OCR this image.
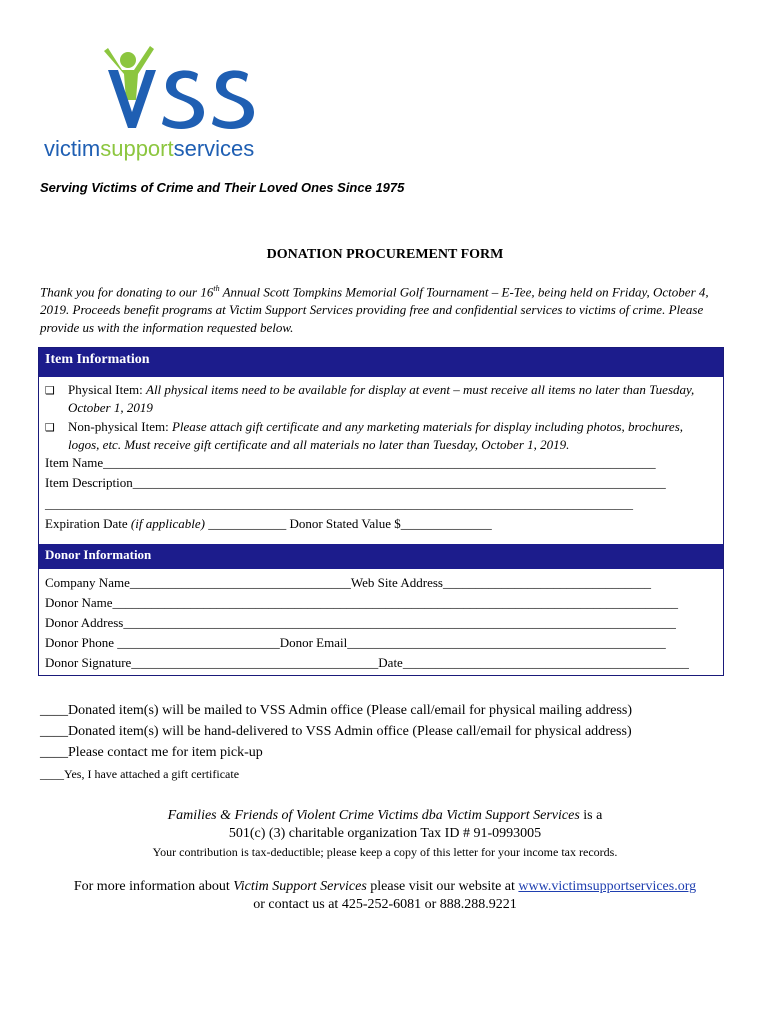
victimsupportservices
Serving Victims of Crime and Their Loved Ones Since 1975
DONATION PROCUREMENT FORM
Thank you for donating to our 16th Annual Scott Tompkins Memorial Golf Tournament – E-Tee, being held on Friday, October 4, 2019. Proceeds benefit programs at Victim Support Services providing free and confidential services to victims of crime. Please provide us with the information requested below.
Item Information
❑ Physical Item: All physical items need to be available for display at event – must receive all items no later than Tuesday, October 1, 2019
❑ Non-physical Item: Please attach gift certificate and any marketing materials for display including photos, brochures, logos, etc. Must receive gift certificate and all materials no later than Tuesday, October 1, 2019.
Item Name_____________________________________________________________________________________
Item Description__________________________________________________________________________________
__________________________________________________________________________________________________
Expiration Date (if applicable) ____________ Donor Stated Value $______________
Donor Information
Company Name__________________________________Web Site Address________________________________
Donor Name_______________________________________________________________________________________
Donor Address_____________________________________________________________________________________
Donor Phone _________________________Donor Email_________________________________________________
Donor Signature______________________________________Date____________________________________________
____Donated item(s) will be mailed to VSS Admin office (Please call/email for physical mailing address)
____Donated item(s) will be hand-delivered to VSS Admin office (Please call/email for physical address)
____Please contact me for item pick-up
____Yes, I have attached a gift certificate
Families & Friends of Violent Crime Victims dba Victim Support Services is a
501(c) (3) charitable organization Tax ID # 91-0993005
Your contribution is tax-deductible; please keep a copy of this letter for your income tax records.
For more information about Victim Support Services please visit our website at www.victimsupportservices.org
or contact us at 425-252-6081 or 888.288.9221
